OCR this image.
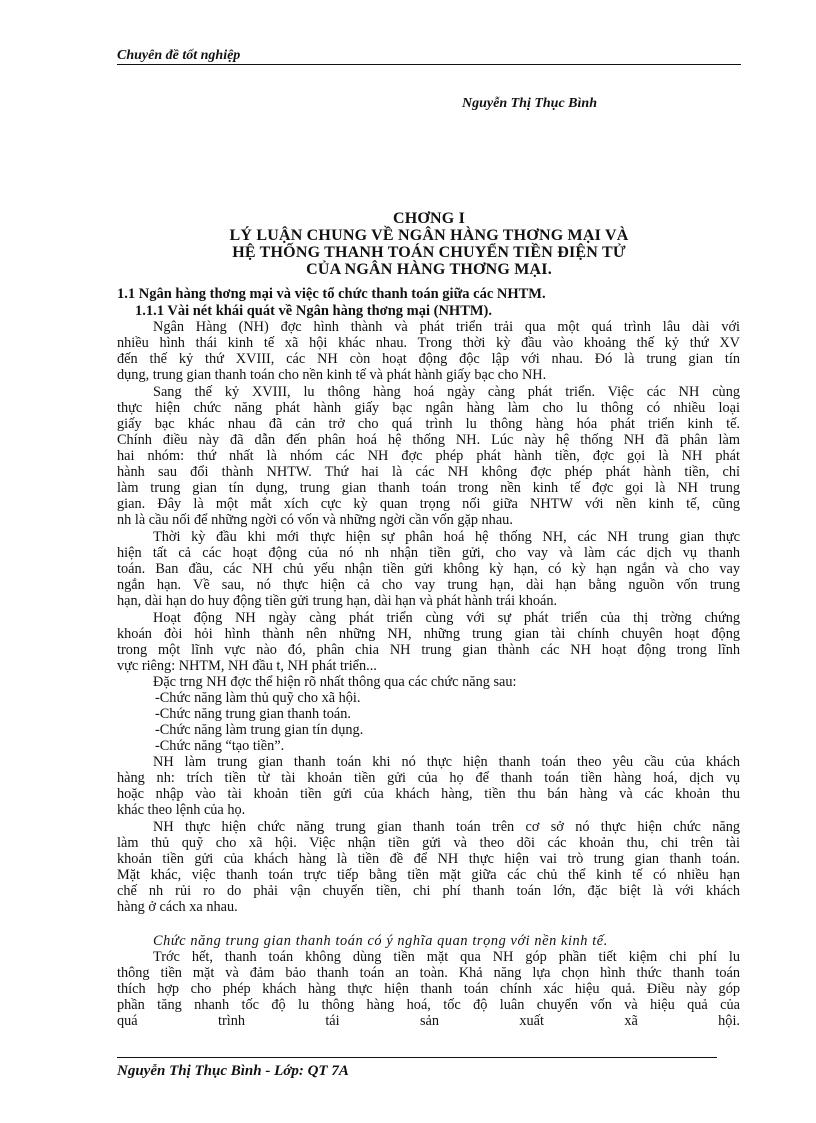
Chuyên đề tốt nghiệp
Nguyễn Thị Thục Bình
CHƠNG I
LÝ LUẬN CHUNG VỀ NGÂN HÀNG THƠNG MẠI VÀ
HỆ THỐNG THANH TOÁN CHUYỂN TIỀN ĐIỆN TỬ
CỦA NGÂN HÀNG THƠNG MẠI.
1.1 Ngân hàng thơng mại và việc tổ chức thanh toán giữa các NHTM.
1.1.1 Vài nét khái quát về Ngân hàng thơng mại (NHTM).
Ngân Hàng (NH) đợc hình thành và phát triển trải qua một quá trình lâu dài với
nhiều hình thái kinh tế xã hội khác nhau. Trong thời kỳ đầu vào khoảng thế kỷ thứ XV
đến thế kỷ thứ XVIII, các NH còn hoạt động độc lập với nhau. Đó là trung gian tín
dụng, trung gian thanh toán cho nền kinh tế và phát hành giấy bạc cho NH.
Sang thế kỷ XVIII, lu thông hàng hoá ngày càng phát triển. Việc các NH cùng
thực hiện chức năng phát hành giấy bạc ngân hàng làm cho lu thông có nhiều loại
giấy bạc khác nhau đã cản trở cho quá trình lu thông hàng hóa phát triển kinh tế.
Chính điều này đã dẫn đến phân hoá hệ thống NH. Lúc này hệ thống NH đã phân làm
hai nhóm: thứ nhất là nhóm các NH đợc phép phát hành tiền, đợc gọi là NH phát
hành sau đổi thành NHTW. Thứ hai là các NH không đợc phép phát hành tiền, chỉ
làm trung gian tín dụng, trung gian thanh toán trong nền kinh tế đợc gọi là NH trung
gian. Đây là một mắt xích cực kỳ quan trọng nối giữa NHTW với nền kinh tế, cũng
nh là cầu nối để những ngời có vốn và những ngời cần vốn gặp nhau.
Thời kỳ đầu khi mới thực hiện sự phân hoá hệ thống NH, các NH trung gian thực
hiện tất cả các hoạt động của nó nh nhận tiền gửi, cho vay và làm các dịch vụ thanh
toán. Ban đầu, các NH chủ yếu nhận tiền gửi không kỳ hạn, có kỳ hạn ngắn và cho vay
ngắn hạn. Về sau, nó thực hiện cả cho vay trung hạn, dài hạn bằng nguồn vốn trung
hạn, dài hạn do huy động tiền gửi trung hạn, dài hạn và phát hành trái khoán.
Hoạt động NH ngày càng phát triển cùng với sự phát triển của thị trờng chứng
khoán đòi hỏi hình thành nên những NH, những trung gian tài chính chuyên hoạt động
trong một lĩnh vực nào đó, phân chia NH trung gian thành các NH hoạt động trong lĩnh
vực riêng: NHTM, NH đầu t, NH phát triển...
Đặc trng NH đợc thể hiện rõ nhất thông qua các chức năng sau:
-Chức năng làm thủ quỹ cho xã hội.
-Chức năng trung gian thanh toán.
-Chức năng làm trung gian tín dụng.
-Chức năng “tạo tiền”.
NH làm trung gian thanh toán khi nó thực hiện thanh toán theo yêu cầu của khách
hàng nh: trích tiền từ tài khoản tiền gửi của họ để thanh toán tiền hàng hoá, dịch vụ
hoặc nhập vào tài khoản tiền gửi của khách hàng, tiền thu bán hàng và các khoản thu
khác theo lệnh của họ.
NH thực hiện chức năng trung gian thanh toán trên cơ sở nó thực hiện chức năng
làm thủ quỹ cho xã hội. Việc nhận tiền gửi và theo dõi các khoản thu, chi trên tài
khoản tiền gửi của khách hàng là tiền đề để NH thực hiện vai trò trung gian thanh toán.
Mặt khác, việc thanh toán trực tiếp bằng tiền mặt giữa các chủ thể kinh tế có nhiều hạn
chế nh rủi ro do phải vận chuyển tiền, chi phí thanh toán lớn, đặc biệt là với khách
hàng ở cách xa nhau.
Chức năng trung gian thanh toán có ý nghĩa quan trọng với nền kinh tế.
Trớc hết, thanh toán không dùng tiền mặt qua NH góp phần tiết kiệm chi phí lu
thông tiền mặt và đảm bảo thanh toán an toàn. Khả năng lựa chọn hình thức thanh toán
thích hợp cho phép khách hàng thực hiện thanh toán chính xác hiệu quả. Điều này góp
phần tăng nhanh tốc độ lu thông hàng hoá, tốc độ luân chuyển vốn và hiệu quả của
quá trình tái sản xuất xã hội.
Nguyễn Thị Thục Bình - Lớp: QT 7A
